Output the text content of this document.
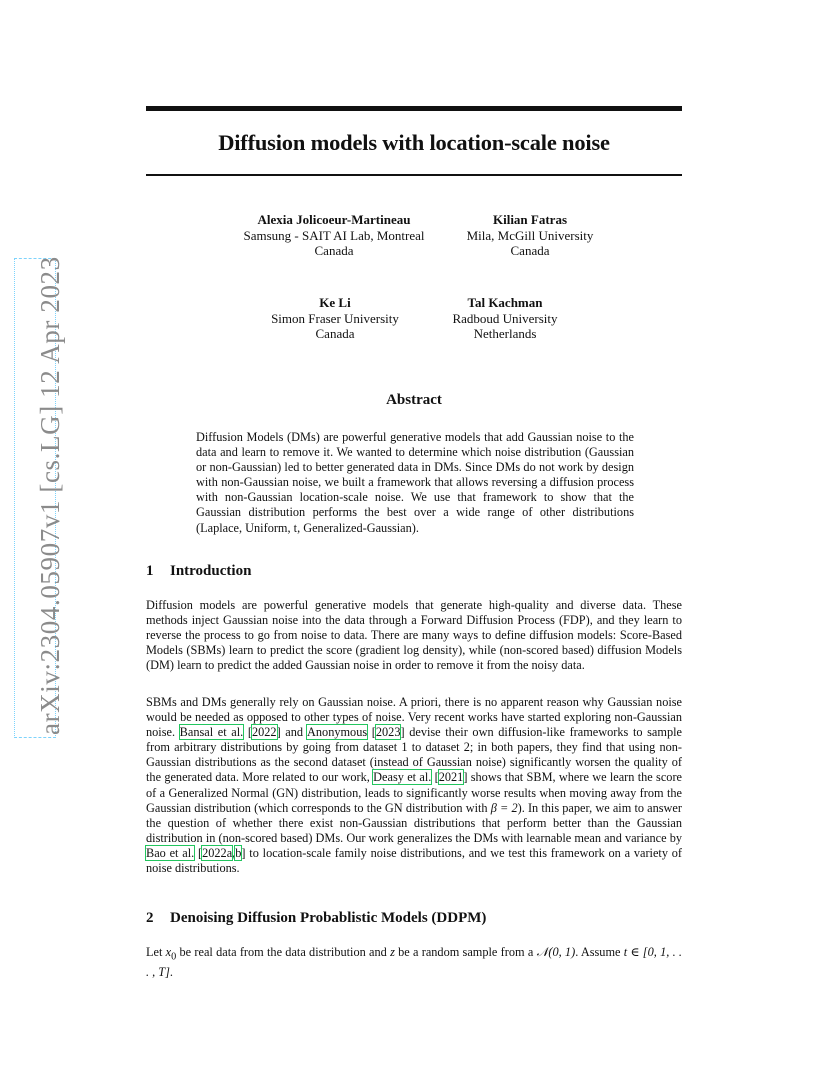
arXiv:2304.05907v1 [cs.LG] 12 Apr 2023
Diffusion models with location-scale noise
Alexia Jolicoeur-Martineau
Samsung - SAIT AI Lab, Montreal
Canada
Kilian Fatras
Mila, McGill University
Canada
Ke Li
Simon Fraser University
Canada
Tal Kachman
Radboud University
Netherlands
Abstract
Diffusion Models (DMs) are powerful generative models that add Gaussian noise to the data and learn to remove it. We wanted to determine which noise distribution (Gaussian or non-Gaussian) led to better generated data in DMs. Since DMs do not work by design with non-Gaussian noise, we built a framework that allows reversing a diffusion process with non-Gaussian location-scale noise. We use that framework to show that the Gaussian distribution performs the best over a wide range of other distributions (Laplace, Uniform, t, Generalized-Gaussian).
1 Introduction

Diffusion models are powerful generative models that generate high-quality and diverse data. These methods inject Gaussian noise into the data through a Forward Diffusion Process (FDP), and they learn to reverse the process to go from noise to data. There are many ways to define diffusion models: Score-Based Models (SBMs) learn to predict the score (gradient log density), while (non-scored based) diffusion Models (DM) learn to predict the added Gaussian noise in order to remove it from the noisy data.

SBMs and DMs generally rely on Gaussian noise. A priori, there is no apparent reason why Gaussian noise would be needed as opposed to other types of noise. Very recent works have started exploring non-Gaussian noise. Bansal et al. [2022] and Anonymous [2023] devise their own diffusion-like frameworks to sample from arbitrary distributions by going from dataset 1 to dataset 2; in both papers, they find that using non-Gaussian distributions as the second dataset (instead of Gaussian noise) significantly worsen the quality of the generated data. More related to our work, Deasy et al. [2021] shows that SBM, where we learn the score of a Generalized Normal (GN) distribution, leads to significantly worse results when moving away from the Gaussian distribution (which corresponds to the GN distribution with β = 2). In this paper, we aim to answer the question of whether there exist non-Gaussian distributions that perform better than the Gaussian distribution in (non-scored based) DMs. Our work generalizes the DMs with learnable mean and variance by Bao et al. [2022a,b] to location-scale family noise distributions, and we test this framework on a variety of noise distributions.

2 Denoising Diffusion Probablistic Models (DDPM)

Let $x_0$ be real data from the data distribution and z be a random sample from a 𝒩(0, 1). Assume t ∈ [0, 1, . . . , T].
